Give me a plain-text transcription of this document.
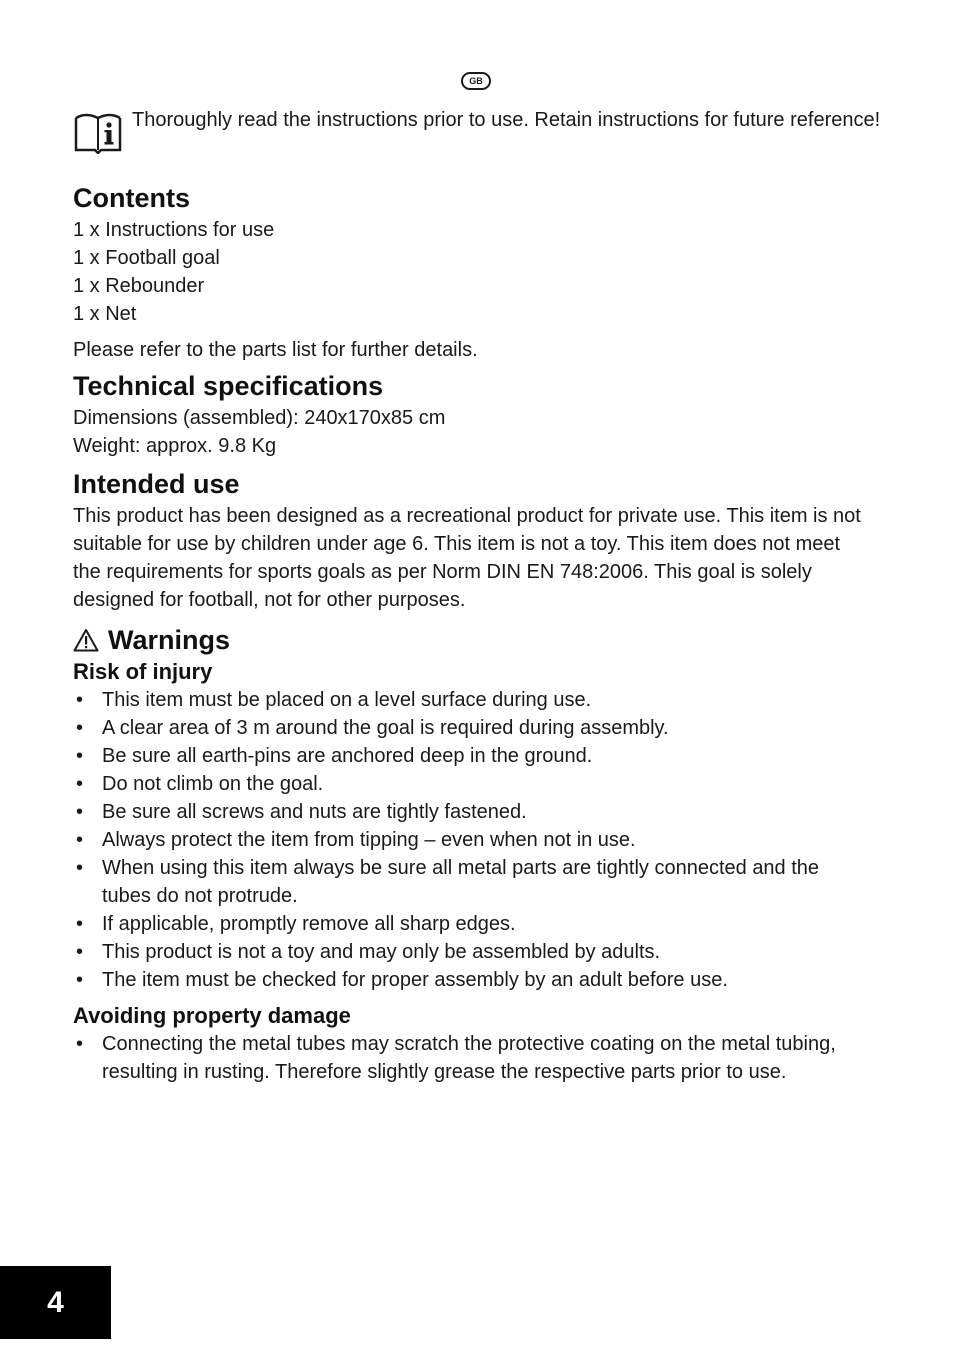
GB
Thoroughly read the instructions prior to use. Retain instructions for future reference!
Contents
1 x Instructions for use
1 x Football goal
1 x Rebounder
1 x Net
Please refer to the parts list for further details.
Technical specifications
Dimensions (assembled): 240x170x85 cm
Weight: approx. 9.8 Kg
Intended use
This product has been designed as a recreational product for private use. This item is not suitable for use by children under age 6. This item is not a toy. This item does not meet the requirements for sports goals as per Norm DIN EN 748:2006. This goal is solely designed for football, not for other purposes.
Warnings
Risk of injury
• This item must be placed on a level surface during use.
• A clear area of 3 m around the goal is required during assembly.
• Be sure all earth-pins are anchored deep in the ground.
• Do not climb on the goal.
• Be sure all screws and nuts are tightly fastened.
• Always protect the item from tipping – even when not in use.
• When using this item always be sure all metal parts are tightly connected and the tubes do not protrude.
• If applicable, promptly remove all sharp edges.
• This product is not a toy and may only be assembled by adults.
• The item must be checked for proper assembly by an adult before use.
Avoiding property damage
• Connecting the metal tubes may scratch the protective coating on the metal tubing, resulting in rusting. Therefore slightly grease the respective parts prior to use.
4
